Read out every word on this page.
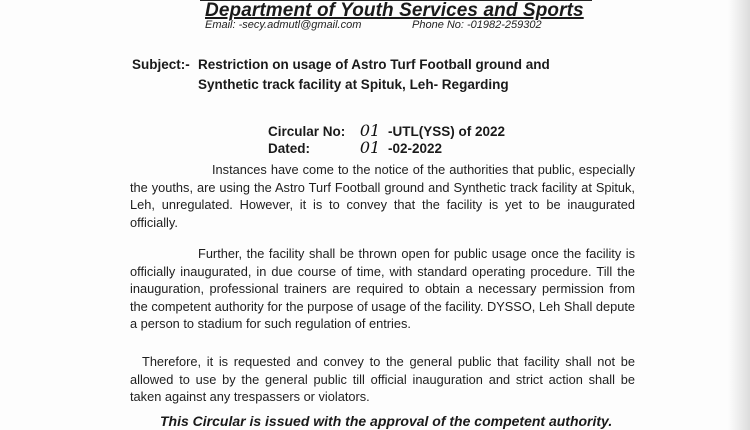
Department of Youth Services and Sports
Email: -secy.admutl@gmail.com	Phone No: -01982-259302
Subject:- Restriction on usage of Astro Turf Football ground and Synthetic track facility at Spituk, Leh- Regarding
Circular No: 01 -UTL(YSS) of 2022
Dated:	01 -02-2022

Instances have come to the notice of the authorities that public, especially the youths, are using the Astro Turf Football ground and Synthetic track facility at Spituk, Leh, unregulated. However, it is to convey that the facility is yet to be inaugurated officially.

Further, the facility shall be thrown open for public usage once the facility is officially inaugurated, in due course of time, with standard operating procedure. Till the inauguration, professional trainers are required to obtain a necessary permission from the competent authority for the purpose of usage of the facility. DYSSO, Leh Shall depute a person to stadium for such regulation of entries.

Therefore, it is requested and convey to the general public that facility shall not be allowed to use by the general public till official inauguration and strict action shall be taken against any trespassers or violators.

This Circular is issued with the approval of the competent authority.
